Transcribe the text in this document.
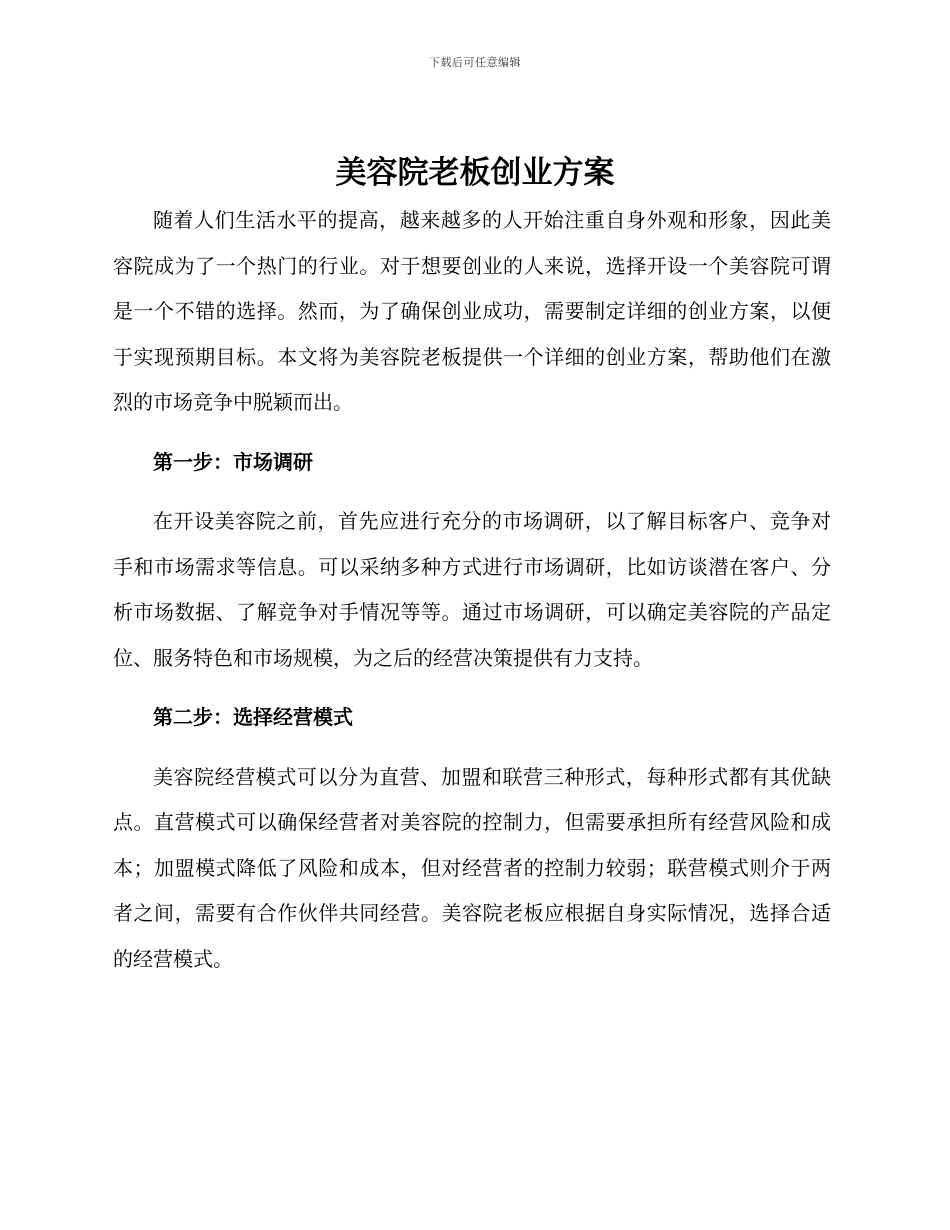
下载后可任意编辑
美容院老板创业方案

随着人们生活水平的提高，越来越多的人开始注重自身外观和形象，因此美容院成为了一个热门的行业。对于想要创业的人来说，选择开设一个美容院可谓是一个不错的选择。然而，为了确保创业成功，需要制定详细的创业方案，以便于实现预期目标。本文将为美容院老板提供一个详细的创业方案，帮助他们在激烈的市场竞争中脱颖而出。

第一步：市场调研

在开设美容院之前，首先应进行充分的市场调研，以了解目标客户、竞争对手和市场需求等信息。可以采纳多种方式进行市场调研，比如访谈潜在客户、分析市场数据、了解竞争对手情况等等。通过市场调研，可以确定美容院的产品定位、服务特色和市场规模，为之后的经营决策提供有力支持。

第二步：选择经营模式

美容院经营模式可以分为直营、加盟和联营三种形式，每种形式都有其优缺点。直营模式可以确保经营者对美容院的控制力，但需要承担所有经营风险和成本；加盟模式降低了风险和成本，但对经营者的控制力较弱；联营模式则介于两者之间，需要有合作伙伴共同经营。美容院老板应根据自身实际情况，选择合适的经营模式。
